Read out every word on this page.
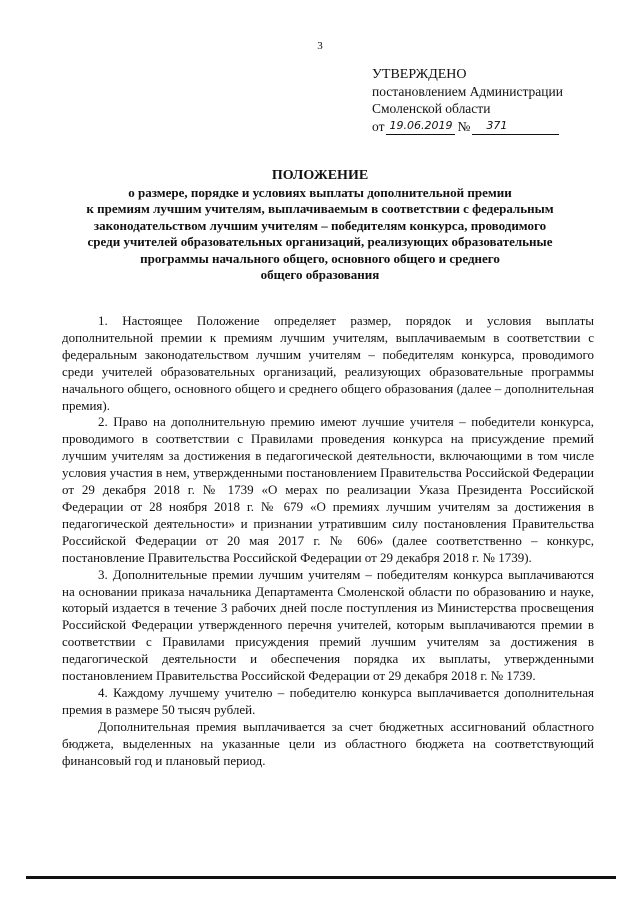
3
УТВЕРЖДЕНО
постановлением Администрации
Смоленской области
от 19.06.2019 №	371
ПОЛОЖЕНИЕ
о размере, порядке и условиях выплаты дополнительной премии
к премиям лучшим учителям, выплачиваемым в соответствии с федеральным
законодательством лучшим учителям – победителям конкурса, проводимого
среди учителей образовательных организаций, реализующих образовательные
программы начального общего, основного общего и среднего
общего образования

1. Настоящее Положение определяет размер, порядок и условия выплаты дополнительной премии к премиям лучшим учителям, выплачиваемым в соответствии с федеральным законодательством лучшим учителям – победителям конкурса, проводимого среди учителей образовательных организаций, реализующих образовательные программы начального общего, основного общего и среднего общего образования (далее – дополнительная премия).

2. Право на дополнительную премию имеют лучшие учителя – победители конкурса, проводимого в соответствии с Правилами проведения конкурса на присуждение премий лучшим учителям за достижения в педагогической деятельности, включающими в том числе условия участия в нем, утвержденными постановлением Правительства Российской Федерации от 29 декабря 2018 г. № 1739 «О мерах по реализации Указа Президента Российской Федерации от 28 ноября 2018 г. № 679 «О премиях лучшим учителям за достижения в педагогической деятельности» и признании утратившим силу постановления Правительства Российской Федерации от 20 мая 2017 г. № 606» (далее соответственно – конкурс, постановление Правительства Российской Федерации от 29 декабря 2018 г. № 1739).

3. Дополнительные премии лучшим учителям – победителям конкурса выплачиваются на основании приказа начальника Департамента Смоленской области по образованию и науке, который издается в течение 3 рабочих дней после поступления из Министерства просвещения Российской Федерации утвержденного перечня учителей, которым выплачиваются премии в соответствии с Правилами присуждения премий лучшим учителям за достижения в педагогической деятельности и обеспечения порядка их выплаты, утвержденными постановлением Правительства Российской Федерации от 29 декабря 2018 г. № 1739.

4. Каждому лучшему учителю – победителю конкурса выплачивается дополнительная премия в размере 50 тысяч рублей.

Дополнительная премия выплачивается за счет бюджетных ассигнований областного бюджета, выделенных на указанные цели из областного бюджета на соответствующий финансовый год и плановый период.
